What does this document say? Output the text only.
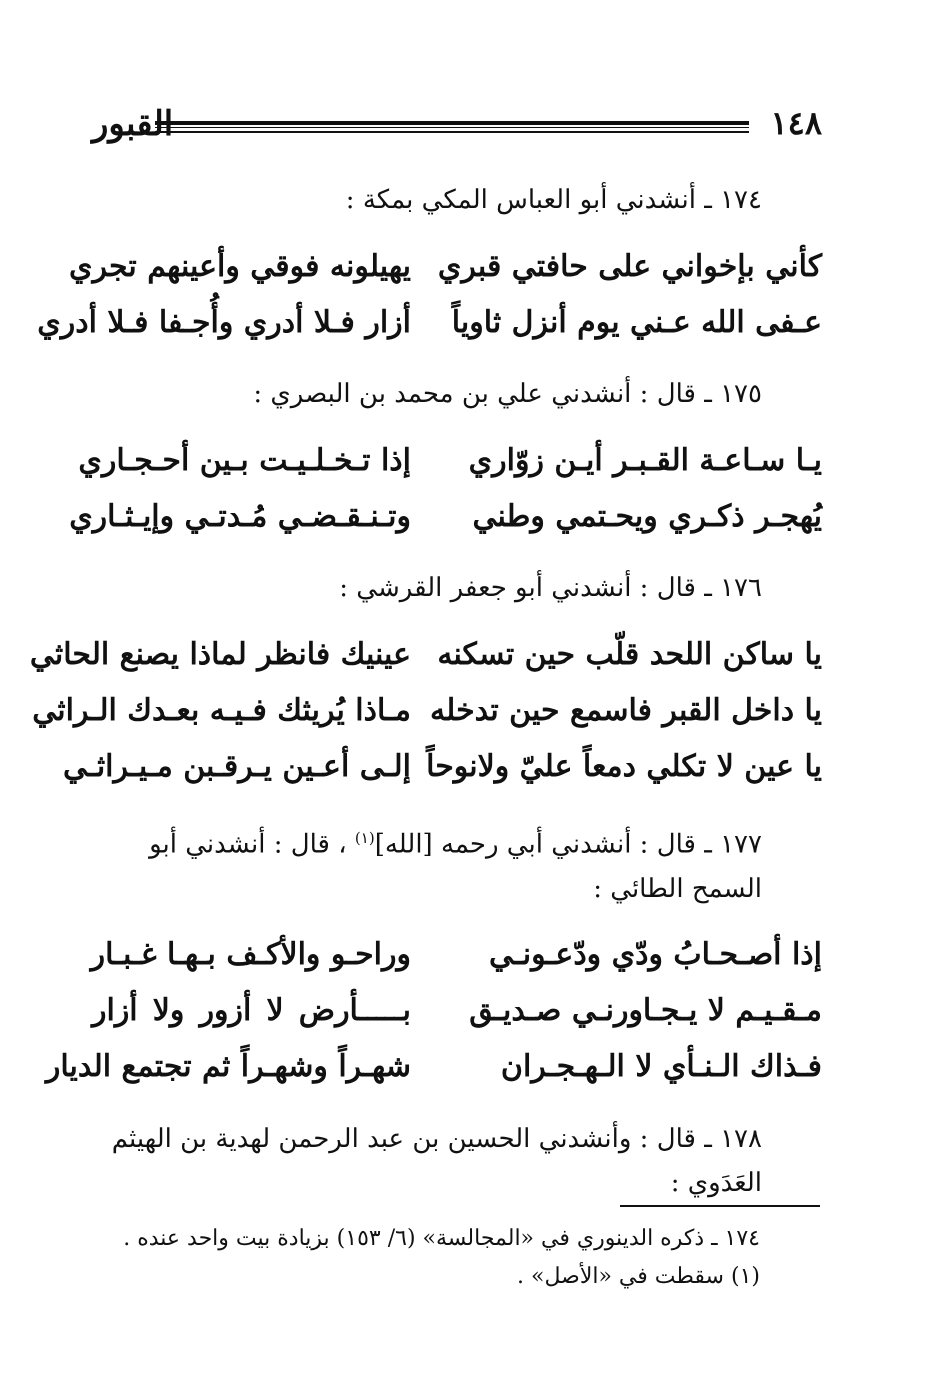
القبور	١٤٨

١٧٤ ـ أنشدني أبو العباس المكي بمكة :

كأني بإخواني على حافتي قبري
يهيلونه فوقي وأعينهم تجري
عـفى الله عـني يوم أنزل ثاوياً
أزار فـلا أدري وأُجـفا فـلا أدري

١٧٥ ـ قال : أنشدني علي بن محمد بن البصري :

يـا سـاعـة القـبـر أيـن زوّاري
إذا تـخـلـيـت بـين أحـجـاري
يُهجـر ذكـري ويحـتمي وطني
وتـنـقـضـي مُـدتـي وإيـثـاري

١٧٦ ـ قال : أنشدني أبو جعفر القرشي :

يا ساكن اللحد قلّب حين تسكنه
عينيك فانظر لماذا يصنع الحاثي
يا داخل القبر فاسمع حين تدخله
مـاذا يُريثك فـيـه بعـدك الـراثي
يا عين لا تكلي دمعاً عليّ ولانوحاً
إلـى أعـين يـرقـبن مـيـراثـي

١٧٧ ـ قال : أنشدني أبي رحمه [الله]$^{(١)}$ ، قال : أنشدني أبو السمح الطائي :

إذا أصـحـابُ ودّي ودّعـونـي
وراحـو والأكـف بـهـا غـبـار
مـقـيـم لا يـجـاورنـي صـديـق
بـــــأرض لا أزور ولا أزار
فـذاك الـنـأي لا الـهـجـران
شهـراً وشهـراً ثم تجتمع الديار

١٧٨ ـ قال : وأنشدني الحسين بن عبد الرحمن لهدية بن الهيثم العَدَوي :

١٧٤ ـ ذكره الدينوري في «المجالسة» (٦/ ١٥٣) بزيادة بيت واحد عنده .

(١) سقطت في «الأصل» .
